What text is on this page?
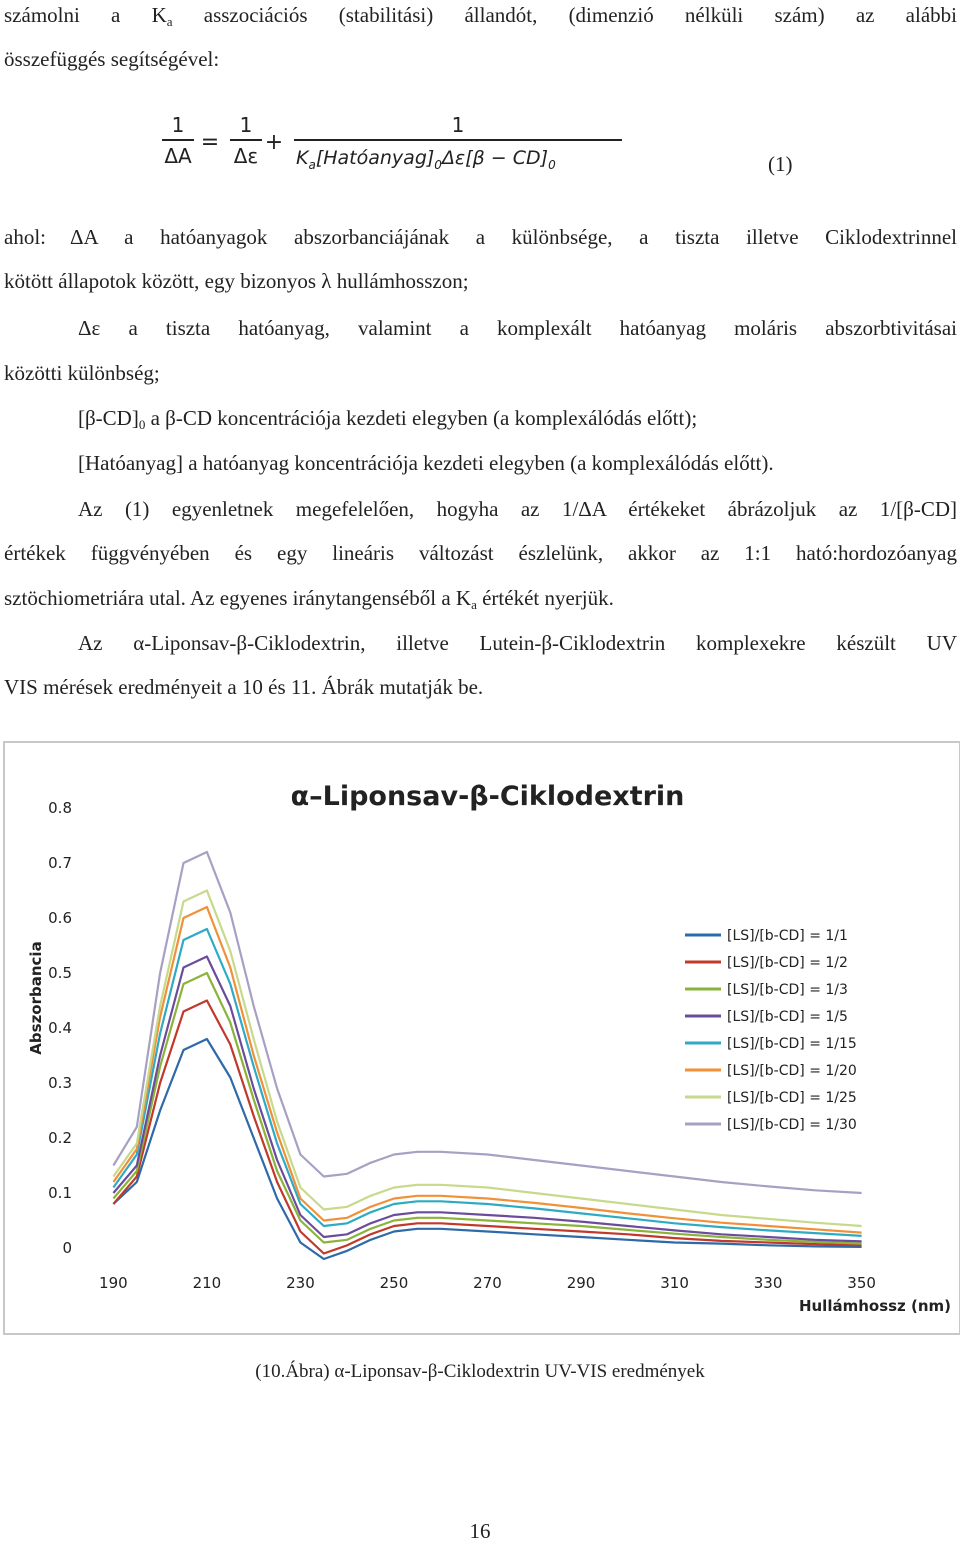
számolni a $K_a$ asszociációs (stabilitási) állandót, (dimenzió nélküli szám) az alábbi
összefüggés segítségével:
1
ΔA
=
1
Δε
+
1
$K_a[Hatóanyag]_0\Delta\varepsilon[\beta - CD]_0$	(1)
ahol: ΔA a hatóanyagok abszorbanciájának a különbsége, a tiszta illetve Ciklodextrinnel
kötött állapotok között, egy bizonyos λ hullámhosszon;
Δε a tiszta hatóanyag, valamint a komplexált hatóanyag moláris abszorbtivitásai
közötti különbség;
$[\beta-CD]_0$ a β-CD koncentrációja kezdeti elegyben (a komplexálódás előtt);
[Hatóanyag] a hatóanyag koncentrációja kezdeti elegyben (a komplexálódás előtt).
Az (1) egyenletnek megefelelően, hogyha az 1/ΔA értékeket ábrázoljuk az 1/[β-CD]
értékek függvényében és egy lineáris változást észlelünk, akkor az 1:1 ható:hordozóanyag
sztöchiometriára utal. Az egyenes iránytangenséből a $K_a$ értékét nyerjük.
Az α-Liponsav-β-Ciklodextrin, illetve Lutein-β-Ciklodextrin komplexekre készült UV
VIS mérések eredményeit a 10 és 11. Ábrák mutatják be.
α–Liponsav-β-Ciklodextrin
Abszorbancia
Hullámhossz (nm)
0
0.1
0.2
0.3
0.4
0.5
0.6
0.7
0.8
190	210	230	250	270	290	310	330	350
[LS]/[b-CD] = 1/1
[LS]/[b-CD] = 1/2
[LS]/[b-CD] = 1/3
[LS]/[b-CD] = 1/5
[LS]/[b-CD] = 1/15
[LS]/[b-CD] = 1/20
[LS]/[b-CD] = 1/25
[LS]/[b-CD] = 1/30
(10.Ábra) α-Liponsav-β-Ciklodextrin UV-VIS eredmények
16
